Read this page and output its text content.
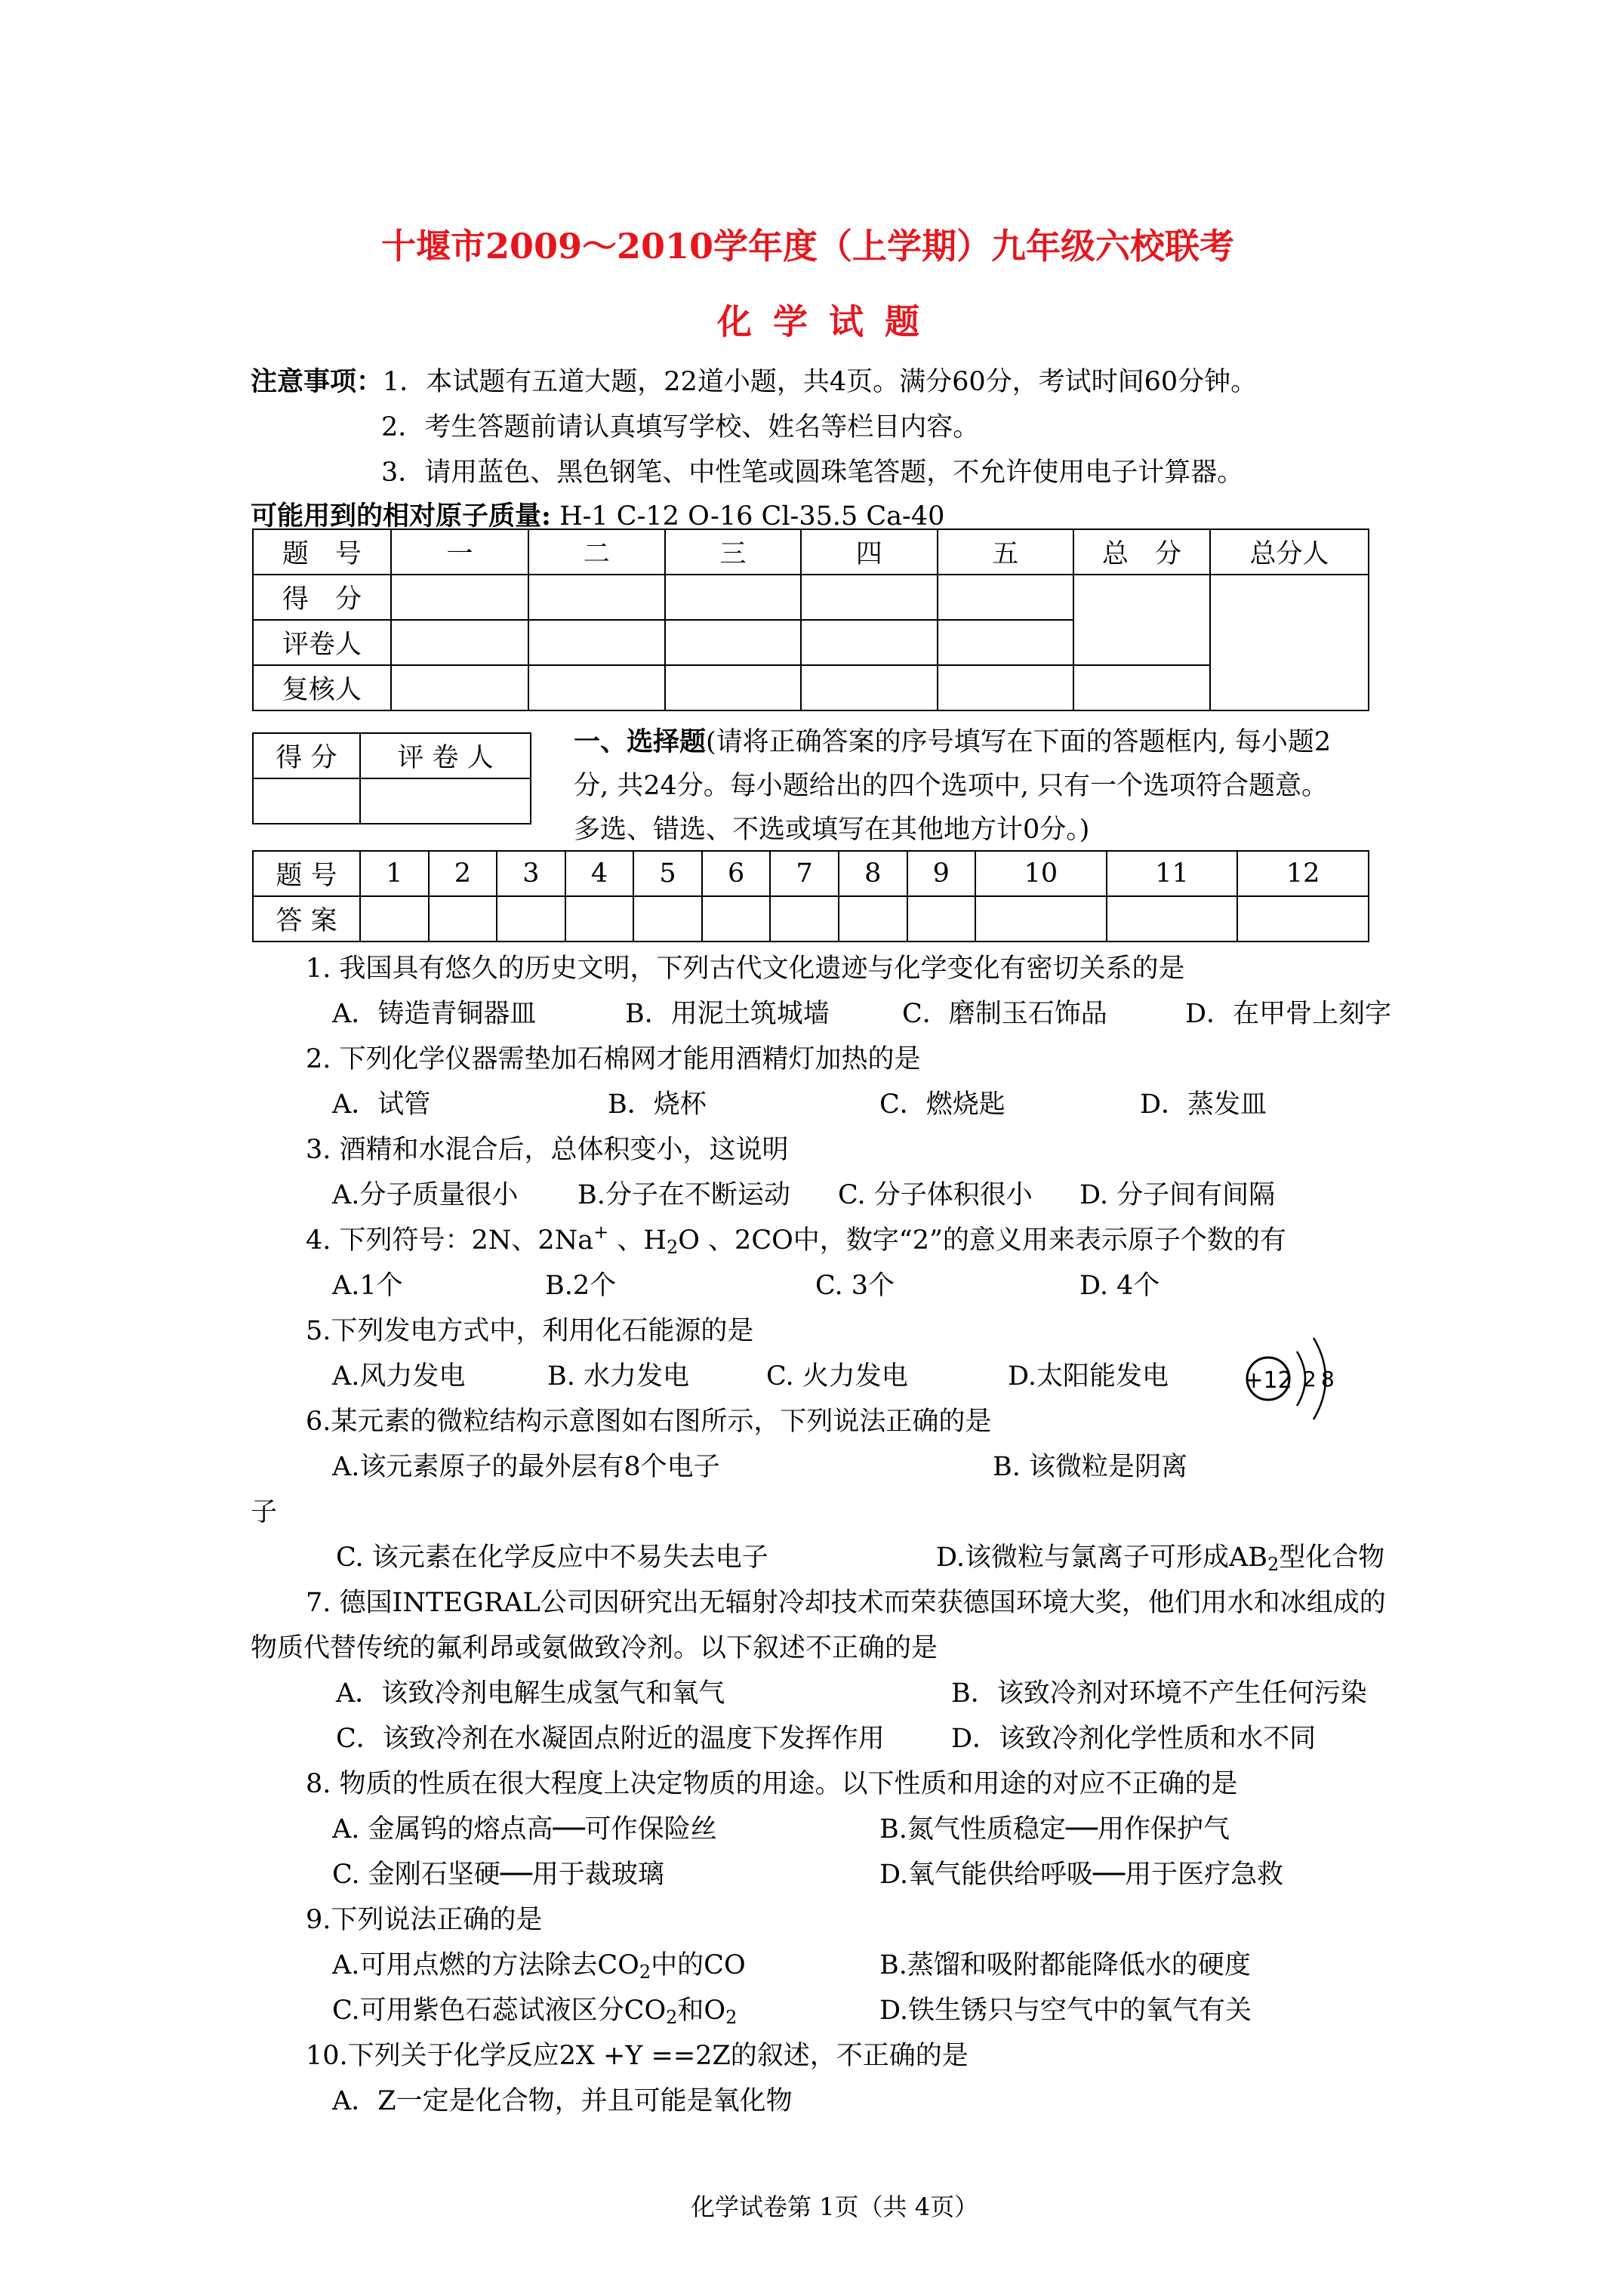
十堰市2009～2010学年度（上学期）九年级六校联考
化 学 试 题
注意事项：1．本试题有五道大题，22道小题，共4页。满分60分，考试时间60分钟。
2．考生答题前请认真填写学校、姓名等栏目内容。
3．请用蓝色、黑色钢笔、中性笔或圆珠笔答题，不允许使用电子计算器。
可能用到的相对原子质量: H-1 C-12 O-16 Cl-35.5 Ca-40
题　号	一	二	三	四	五	总　分	总分人
得　分							
评卷人							
复核人							
得 分	评 卷 人

一、选择题(请将正确答案的序号填写在下面的答题框内, 每小题2
分, 共24分。每小题给出的四个选项中, 只有一个选项符合题意。
多选、错选、不选或填写在其他地方计0分。)
题 号	1	2	3	4	5	6	7	8	9	10	11	12
答 案												
1. 我国具有悠久的历史文明，下列古代文化遗迹与化学变化有密切关系的是
A．铸造青铜器皿	B．用泥土筑城墙	C．磨制玉石饰品	D．在甲骨上刻字
2. 下列化学仪器需垫加石棉网才能用酒精灯加热的是
A．试管	B．烧杯	C．燃烧匙	D．蒸发皿
3. 酒精和水混合后，总体积变小，这说明
A.分子质量很小 B.分子在不断运动 C. 分子体积很小 D. 分子间有间隔
4. 下列符号：2N、2Na+ 、$H_2O$ 、2CO中，数字“2”的意义用来表示原子个数的有
A.1个	B.2个	C. 3个	D. 4个
5.下列发电方式中，利用化石能源的是
A.风力发电	B. 水力发电	C. 火力发电	D.太阳能发电	+12 2 8
6.某元素的微粒结构示意图如右图所示，下列说法正确的是
A.该元素原子的最外层有8个电子	B. 该微粒是阴离
子
C. 该元素在化学反应中不易失去电子	D.该微粒与氯离子可形成$AB_2$型化合物
7. 德国INTEGRAL公司因研究出无辐射冷却技术而荣获德国环境大奖，他们用水和冰组成的
物质代替传统的氟利昂或氨做致冷剂。以下叙述不正确的是
A．该致冷剂电解生成氢气和氧气	B．该致冷剂对环境不产生任何污染
C．该致冷剂在水凝固点附近的温度下发挥作用	D．该致冷剂化学性质和水不同
8. 物质的性质在很大程度上决定物质的用途。以下性质和用途的对应不正确的是
A. 金属钨的熔点高──可作保险丝	B.氮气性质稳定──用作保护气
C. 金刚石坚硬──用于裁玻璃	D.氧气能供给呼吸──用于医疗急救
9.下列说法正确的是
A.可用点燃的方法除去$CO_2$中的CO	B.蒸馏和吸附都能降低水的硬度
C.可用紫色石蕊试液区分$CO_2$和$O_2$	D.铁生锈只与空气中的氧气有关
10.下列关于化学反应2X +Y ==2Z的叙述，不正确的是
A．Z一定是化合物，并且可能是氧化物
化学试卷第 1页（共 4页）
